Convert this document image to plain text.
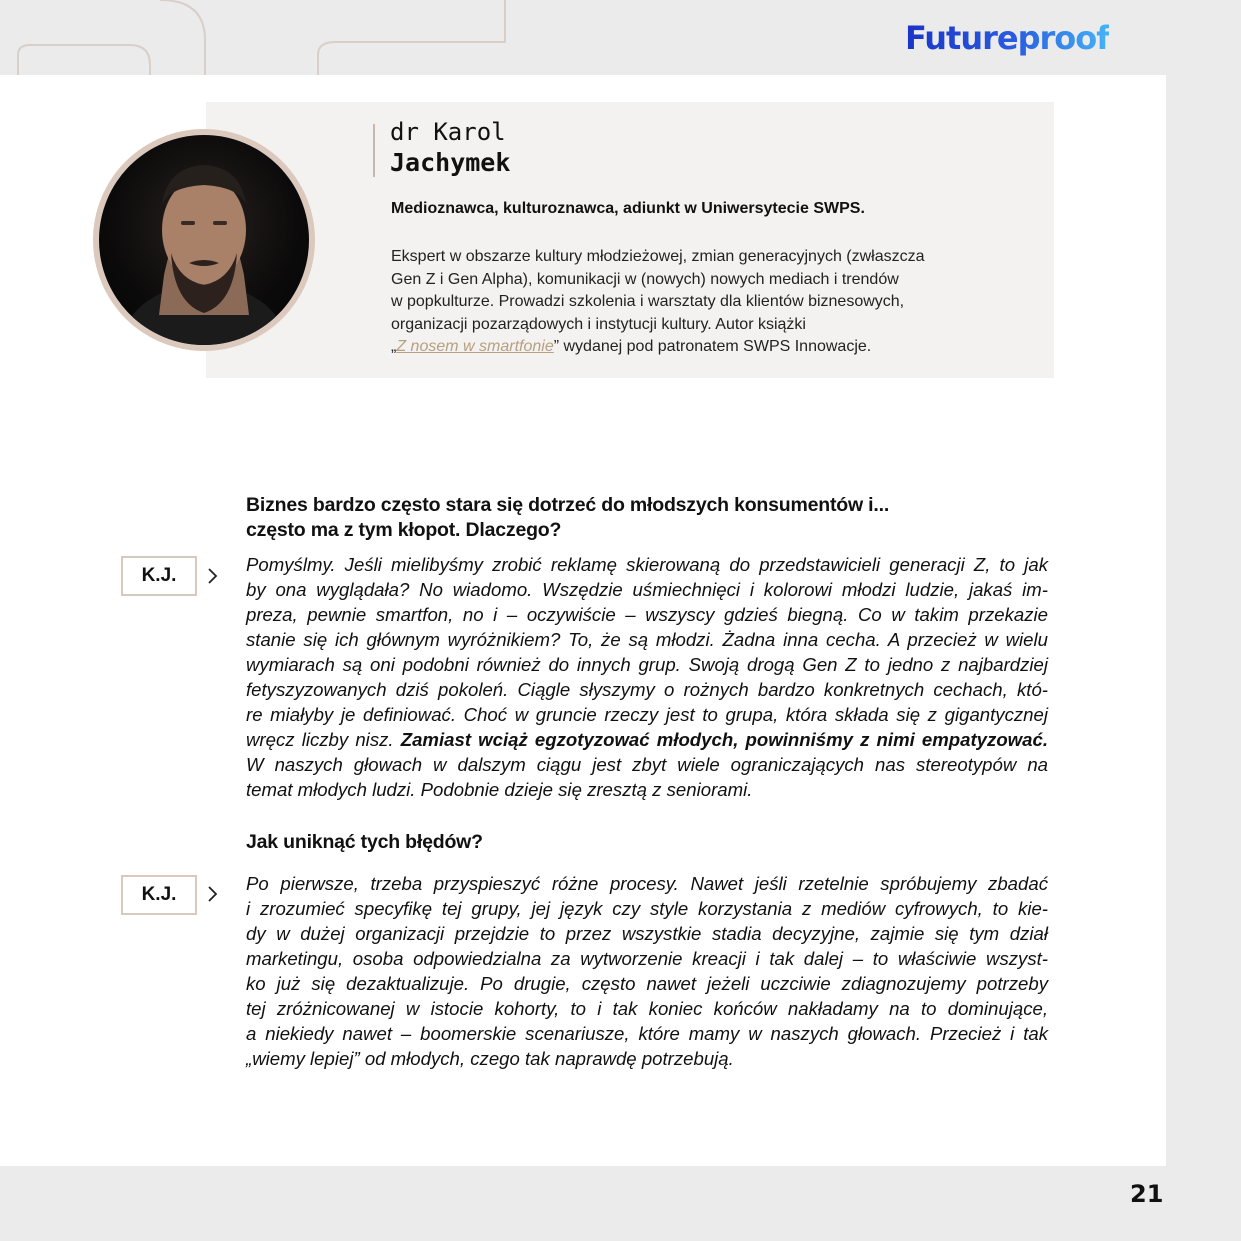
Futureproof
dr Karol
Jachymek
Medioznawca, kulturoznawca, adiunkt w Uniwersytecie SWPS.
Ekspert w obszarze kultury młodzieżowej, zmian generacyjnych (zwłaszcza
Gen Z i Gen Alpha), komunikacji w (nowych) nowych mediach i trendów
w popkulturze. Prowadzi szkolenia i warsztaty dla klientów biznesowych,
organizacji pozarządowych i instytucji kultury. Autor książki
„Z nosem w smartfonie” wydanej pod patronatem SWPS Innowacje.
Biznes bardzo często stara się dotrzeć do młodszych konsumentów i...
często ma z tym kłopot. Dlaczego?
K.J.
Pomyślmy. Jeśli mielibyśmy zrobić reklamę skierowaną do przedstawicieli generacji Z, to jak
by ona wyglądała? No wiadomo. Wszędzie uśmiechnięci i kolorowi młodzi ludzie, jakaś im-
preza, pewnie smartfon, no i – oczywiście – wszyscy gdzieś biegną. Co w takim przekazie
stanie się ich głównym wyróżnikiem? To, że są młodzi. Żadna inna cecha. A przecież w wielu
wymiarach są oni podobni również do innych grup. Swoją drogą Gen Z to jedno z najbardziej
fetyszyzowanych dziś pokoleń. Ciągle słyszymy o rożnych bardzo konkretnych cechach, któ-
re miałyby je definiować. Choć w gruncie rzeczy jest to grupa, która składa się z gigantycznej
wręcz liczby nisz. Zamiast wciąż egzotyzować młodych, powinniśmy z nimi empatyzować.
W naszych głowach w dalszym ciągu jest zbyt wiele ograniczających nas stereotypów na
temat młodych ludzi. Podobnie dzieje się zresztą z seniorami.
Jak uniknąć tych błędów?
K.J.
Po pierwsze, trzeba przyspieszyć różne procesy. Nawet jeśli rzetelnie spróbujemy zbadać
i zrozumieć specyfikę tej grupy, jej język czy style korzystania z mediów cyfrowych, to kie-
dy w dużej organizacji przejdzie to przez wszystkie stadia decyzyjne, zajmie się tym dział
marketingu, osoba odpowiedzialna za wytworzenie kreacji i tak dalej – to właściwie wszyst-
ko już się dezaktualizuje. Po drugie, często nawet jeżeli uczciwie zdiagnozujemy potrzeby
tej zróżnicowanej w istocie kohorty, to i tak koniec końców nakładamy na to dominujące,
a niekiedy nawet – boomerskie scenariusze, które mamy w naszych głowach. Przecież i tak
„wiemy lepiej” od młodych, czego tak naprawdę potrzebują.
21
